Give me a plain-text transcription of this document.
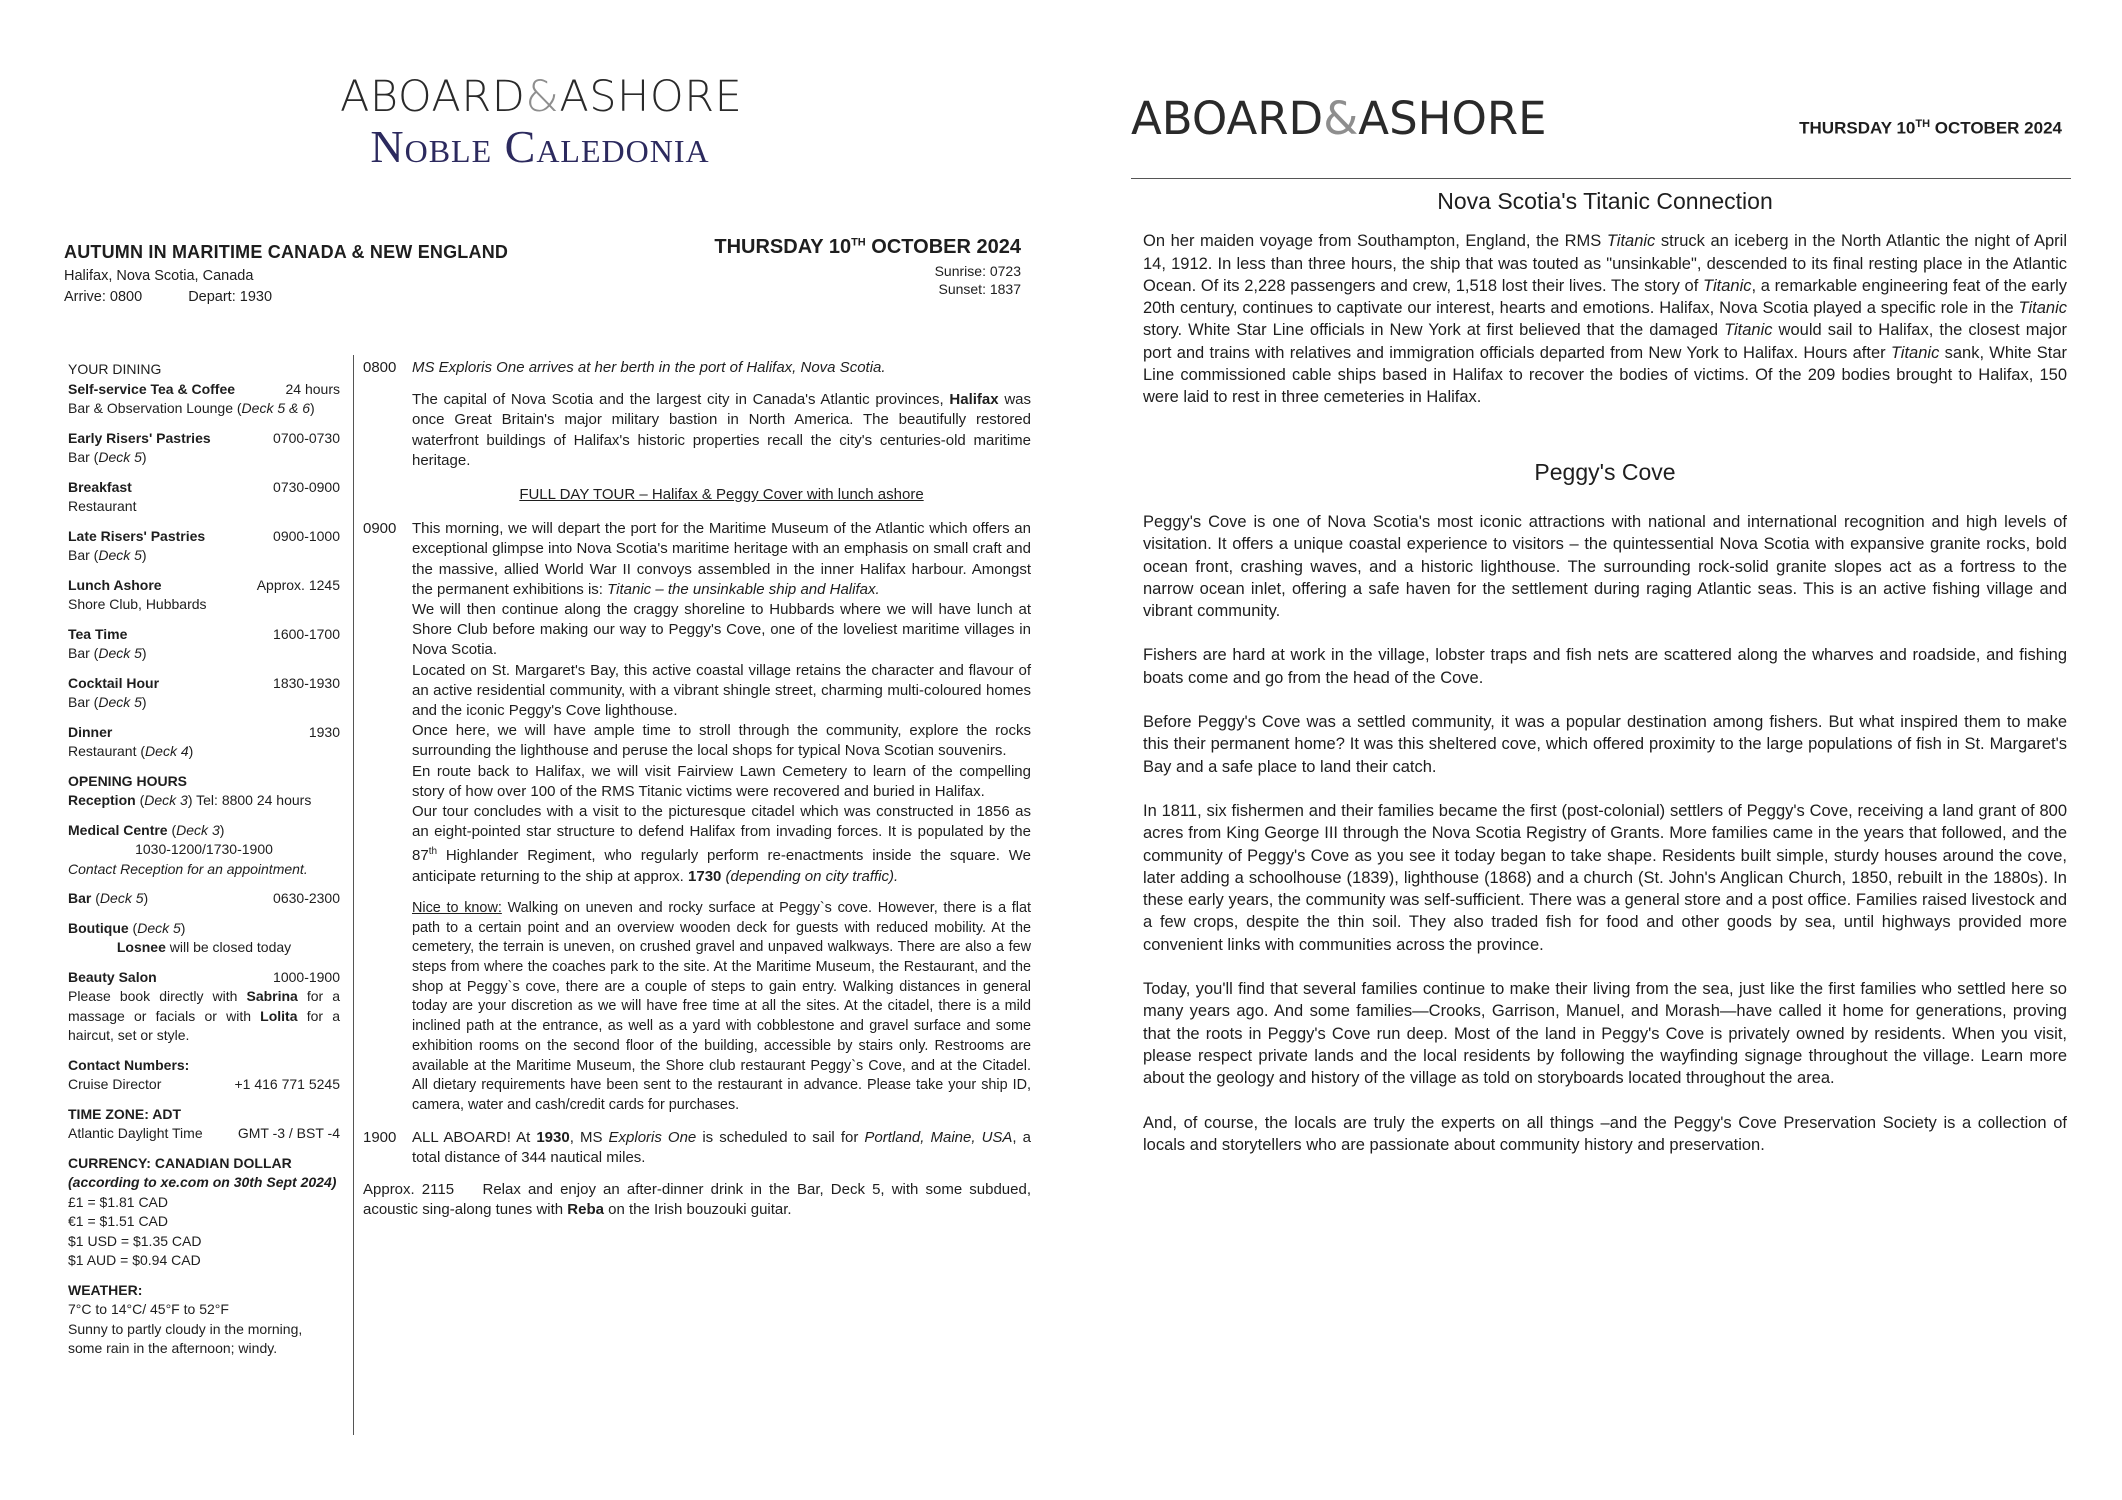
ABOARD&ASHORE
Noble Caledonia
AUTUMN IN MARITIME CANADA & NEW ENGLAND
Halifax, Nova Scotia, Canada
Arrive: 0800	Depart: 1930
THURSDAY 10TH OCTOBER 2024
Sunrise: 0723
Sunset: 1837
YOUR DINING
Self-service Tea & Coffee	24 hours
Bar & Observation Lounge (Deck 5 & 6)
Early Risers' Pastries	0700-0730
Bar (Deck 5)
Breakfast	0730-0900
Restaurant
Late Risers' Pastries	0900-1000
Bar (Deck 5)
Lunch Ashore	Approx. 1245
Shore Club, Hubbards
Tea Time	1600-1700
Bar (Deck 5)
Cocktail Hour	1830-1930
Bar (Deck 5)
Dinner	1930
Restaurant (Deck 4)
OPENING HOURS
Reception (Deck 3) Tel: 8800 24 hours
Medical Centre (Deck 3)
1030-1200/1730-1900
Contact Reception for an appointment.
Bar (Deck 5)	0630-2300
Boutique (Deck 5)
Losnee will be closed today
Beauty Salon	1000-1900
Please book directly with Sabrina for a massage or facials or with Lolita for a haircut, set or style.
Contact Numbers:
Cruise Director	+1 416 771 5245
TIME ZONE: ADT
Atlantic Daylight Time	GMT -3 / BST -4
CURRENCY: CANADIAN DOLLAR
(according to xe.com on 30th Sept 2024)
£1 = $1.81 CAD
€1 = $1.51 CAD
$1 USD = $1.35 CAD
$1 AUD = $0.94 CAD
WEATHER:
7°C to 14°C/ 45°F to 52°F
Sunny to partly cloudy in the morning, some rain in the afternoon; windy.
0800	MS Exploris One arrives at her berth in the port of Halifax, Nova Scotia.
The capital of Nova Scotia and the largest city in Canada's Atlantic provinces, Halifax was once Great Britain's major military bastion in North America. The beautifully restored waterfront buildings of Halifax's historic properties recall the city's centuries-old maritime heritage.
FULL DAY TOUR – Halifax & Peggy Cover with lunch ashore
0900	This morning, we will depart the port for the Maritime Museum of the Atlantic which offers an exceptional glimpse into Nova Scotia's maritime heritage with an emphasis on small craft and the massive, allied World War II convoys assembled in the inner Halifax harbour. Amongst the permanent exhibitions is: Titanic – the unsinkable ship and Halifax.
We will then continue along the craggy shoreline to Hubbards where we will have lunch at Shore Club before making our way to Peggy's Cove, one of the loveliest maritime villages in Nova Scotia.
Located on St. Margaret's Bay, this active coastal village retains the character and flavour of an active residential community, with a vibrant shingle street, charming multi-coloured homes and the iconic Peggy's Cove lighthouse.
Once here, we will have ample time to stroll through the community, explore the rocks surrounding the lighthouse and peruse the local shops for typical Nova Scotian souvenirs.
En route back to Halifax, we will visit Fairview Lawn Cemetery to learn of the compelling story of how over 100 of the RMS Titanic victims were recovered and buried in Halifax.
Our tour concludes with a visit to the picturesque citadel which was constructed in 1856 as an eight-pointed star structure to defend Halifax from invading forces. It is populated by the 87th Highlander Regiment, who regularly perform re-enactments inside the square. We anticipate returning to the ship at approx. 1730 (depending on city traffic).
Nice to know: Walking on uneven and rocky surface at Peggy`s cove. However, there is a flat path to a certain point and an overview wooden deck for guests with reduced mobility. At the cemetery, the terrain is uneven, on crushed gravel and unpaved walkways. There are also a few steps from where the coaches park to the site. At the Maritime Museum, the Restaurant, and the shop at Peggy`s cove, there are a couple of steps to gain entry. Walking distances in general today are your discretion as we will have free time at all the sites. At the citadel, there is a mild inclined path at the entrance, as well as a yard with cobblestone and gravel surface and some exhibition rooms on the second floor of the building, accessible by stairs only. Restrooms are available at the Maritime Museum, the Shore club restaurant Peggy`s Cove, and at the Citadel. All dietary requirements have been sent to the restaurant in advance. Please take your ship ID, camera, water and cash/credit cards for purchases.
1900	ALL ABOARD! At 1930, MS Exploris One is scheduled to sail for Portland, Maine, USA, a total distance of 344 nautical miles.
Approx. 2115 Relax and enjoy an after-dinner drink in the Bar, Deck 5, with some subdued, acoustic sing-along tunes with Reba on the Irish bouzouki guitar.
ABOARD&ASHORE	THURSDAY 10TH OCTOBER 2024
Nova Scotia's Titanic Connection
On her maiden voyage from Southampton, England, the RMS Titanic struck an iceberg in the North Atlantic the night of April 14, 1912. In less than three hours, the ship that was touted as "unsinkable", descended to its final resting place in the Atlantic Ocean. Of its 2,228 passengers and crew, 1,518 lost their lives. The story of Titanic, a remarkable engineering feat of the early 20th century, continues to captivate our interest, hearts and emotions. Halifax, Nova Scotia played a specific role in the Titanic story. White Star Line officials in New York at first believed that the damaged Titanic would sail to Halifax, the closest major port and trains with relatives and immigration officials departed from New York to Halifax. Hours after Titanic sank, White Star Line commissioned cable ships based in Halifax to recover the bodies of victims. Of the 209 bodies brought to Halifax, 150 were laid to rest in three cemeteries in Halifax.
Peggy's Cove
Peggy's Cove is one of Nova Scotia's most iconic attractions with national and international recognition and high levels of visitation. It offers a unique coastal experience to visitors – the quintessential Nova Scotia with expansive granite rocks, bold ocean front, crashing waves, and a historic lighthouse. The surrounding rock-solid granite slopes act as a fortress to the narrow ocean inlet, offering a safe haven for the settlement during raging Atlantic seas. This is an active fishing village and vibrant community.
Fishers are hard at work in the village, lobster traps and fish nets are scattered along the wharves and roadside, and fishing boats come and go from the head of the Cove.
Before Peggy's Cove was a settled community, it was a popular destination among fishers. But what inspired them to make this their permanent home? It was this sheltered cove, which offered proximity to the large populations of fish in St. Margaret's Bay and a safe place to land their catch.
In 1811, six fishermen and their families became the first (post-colonial) settlers of Peggy's Cove, receiving a land grant of 800 acres from King George III through the Nova Scotia Registry of Grants. More families came in the years that followed, and the community of Peggy's Cove as you see it today began to take shape. Residents built simple, sturdy houses around the cove, later adding a schoolhouse (1839), lighthouse (1868) and a church (St. John's Anglican Church, 1850, rebuilt in the 1880s). In these early years, the community was self-sufficient. There was a general store and a post office. Families raised livestock and a few crops, despite the thin soil. They also traded fish for food and other goods by sea, until highways provided more convenient links with communities across the province.
Today, you'll find that several families continue to make their living from the sea, just like the first families who settled here so many years ago. And some families—Crooks, Garrison, Manuel, and Morash—have called it home for generations, proving that the roots in Peggy's Cove run deep. Most of the land in Peggy's Cove is privately owned by residents. When you visit, please respect private lands and the local residents by following the wayfinding signage throughout the village. Learn more about the geology and history of the village as told on storyboards located throughout the area.
And, of course, the locals are truly the experts on all things –and the Peggy's Cove Preservation Society is a collection of locals and storytellers who are passionate about community history and preservation.
